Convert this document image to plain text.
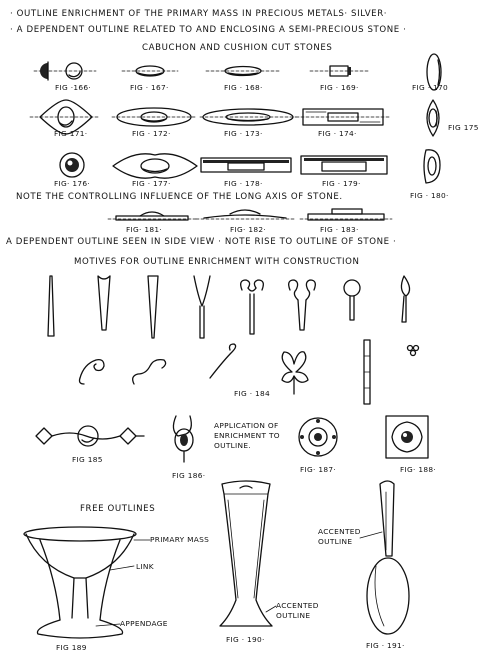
· OUTLINE ENRICHMENT OF THE PRIMARY MASS IN PRECIOUS METALS· SILVER·
· A DEPENDENT OUTLINE RELATED TO AND ENCLOSING A SEMI-PRECIOUS STONE ·
CABUCHON AND CUSHION CUT STONES
FIG ·166·	FIG · 167·	FIG · 168·	FIG · 169·	FIG · 170
FIG 171·	FIG · 172·	FIG · 173·	FIG · 174·
FIG 175
FIG· 176·	FIG · 177·	FIG · 178·	FIG · 179·
FIG · 180·
NOTE THE CONTROLLING INFLUENCE OF THE LONG AXIS OF STONE.
FIG· 181·	FIG· 182·	FIG · 183·
A DEPENDENT OUTLINE SEEN IN SIDE VIEW · NOTE RISE TO OUTLINE OF STONE ·
MOTIVES FOR OUTLINE ENRICHMENT WITH CONSTRUCTION
FIG · 184
FIG 185
FIG 186·
APPLICATION OF
ENRICHMENT TO
OUTLINE.
FIG· 187·	FIG· 188·
FREE OUTLINES
PRIMARY MASS
LINK
APPENDAGE
FIG 189
ACCENTED
OUTLINE
FIG · 190·
ACCENTED
OUTLINE
FIG · 191·
